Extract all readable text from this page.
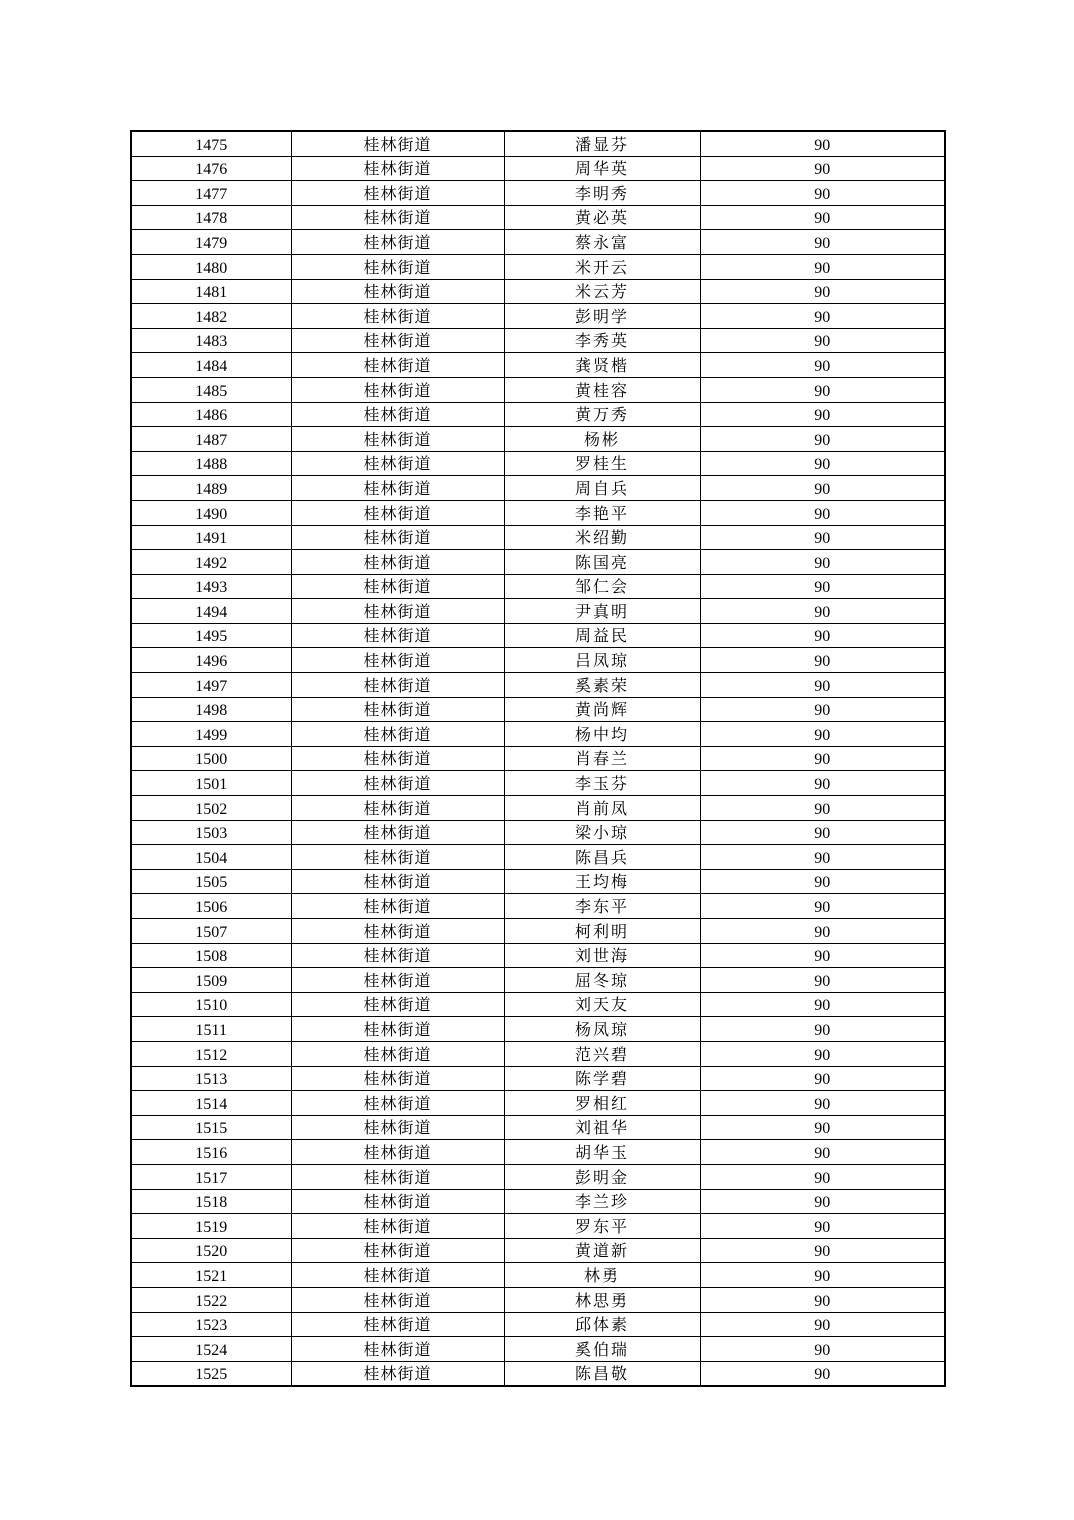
1475	桂林街道	潘显芬	90
1476	桂林街道	周华英	90
1477	桂林街道	李明秀	90
1478	桂林街道	黄必英	90
1479	桂林街道	蔡永富	90
1480	桂林街道	米开云	90
1481	桂林街道	米云芳	90
1482	桂林街道	彭明学	90
1483	桂林街道	李秀英	90
1484	桂林街道	龚贤楷	90
1485	桂林街道	黄桂容	90
1486	桂林街道	黄万秀	90
1487	桂林街道	杨彬	90
1488	桂林街道	罗桂生	90
1489	桂林街道	周自兵	90
1490	桂林街道	李艳平	90
1491	桂林街道	米绍勤	90
1492	桂林街道	陈国亮	90
1493	桂林街道	邹仁会	90
1494	桂林街道	尹真明	90
1495	桂林街道	周益民	90
1496	桂林街道	吕凤琼	90
1497	桂林街道	奚素荣	90
1498	桂林街道	黄尚辉	90
1499	桂林街道	杨中均	90
1500	桂林街道	肖春兰	90
1501	桂林街道	李玉芬	90
1502	桂林街道	肖前凤	90
1503	桂林街道	梁小琼	90
1504	桂林街道	陈昌兵	90
1505	桂林街道	王均梅	90
1506	桂林街道	李东平	90
1507	桂林街道	柯利明	90
1508	桂林街道	刘世海	90
1509	桂林街道	屈冬琼	90
1510	桂林街道	刘天友	90
1511	桂林街道	杨凤琼	90
1512	桂林街道	范兴碧	90
1513	桂林街道	陈学碧	90
1514	桂林街道	罗相红	90
1515	桂林街道	刘祖华	90
1516	桂林街道	胡华玉	90
1517	桂林街道	彭明金	90
1518	桂林街道	李兰珍	90
1519	桂林街道	罗东平	90
1520	桂林街道	黄道新	90
1521	桂林街道	林勇	90
1522	桂林街道	林思勇	90
1523	桂林街道	邱体素	90
1524	桂林街道	奚伯瑞	90
1525	桂林街道	陈昌敬	90
